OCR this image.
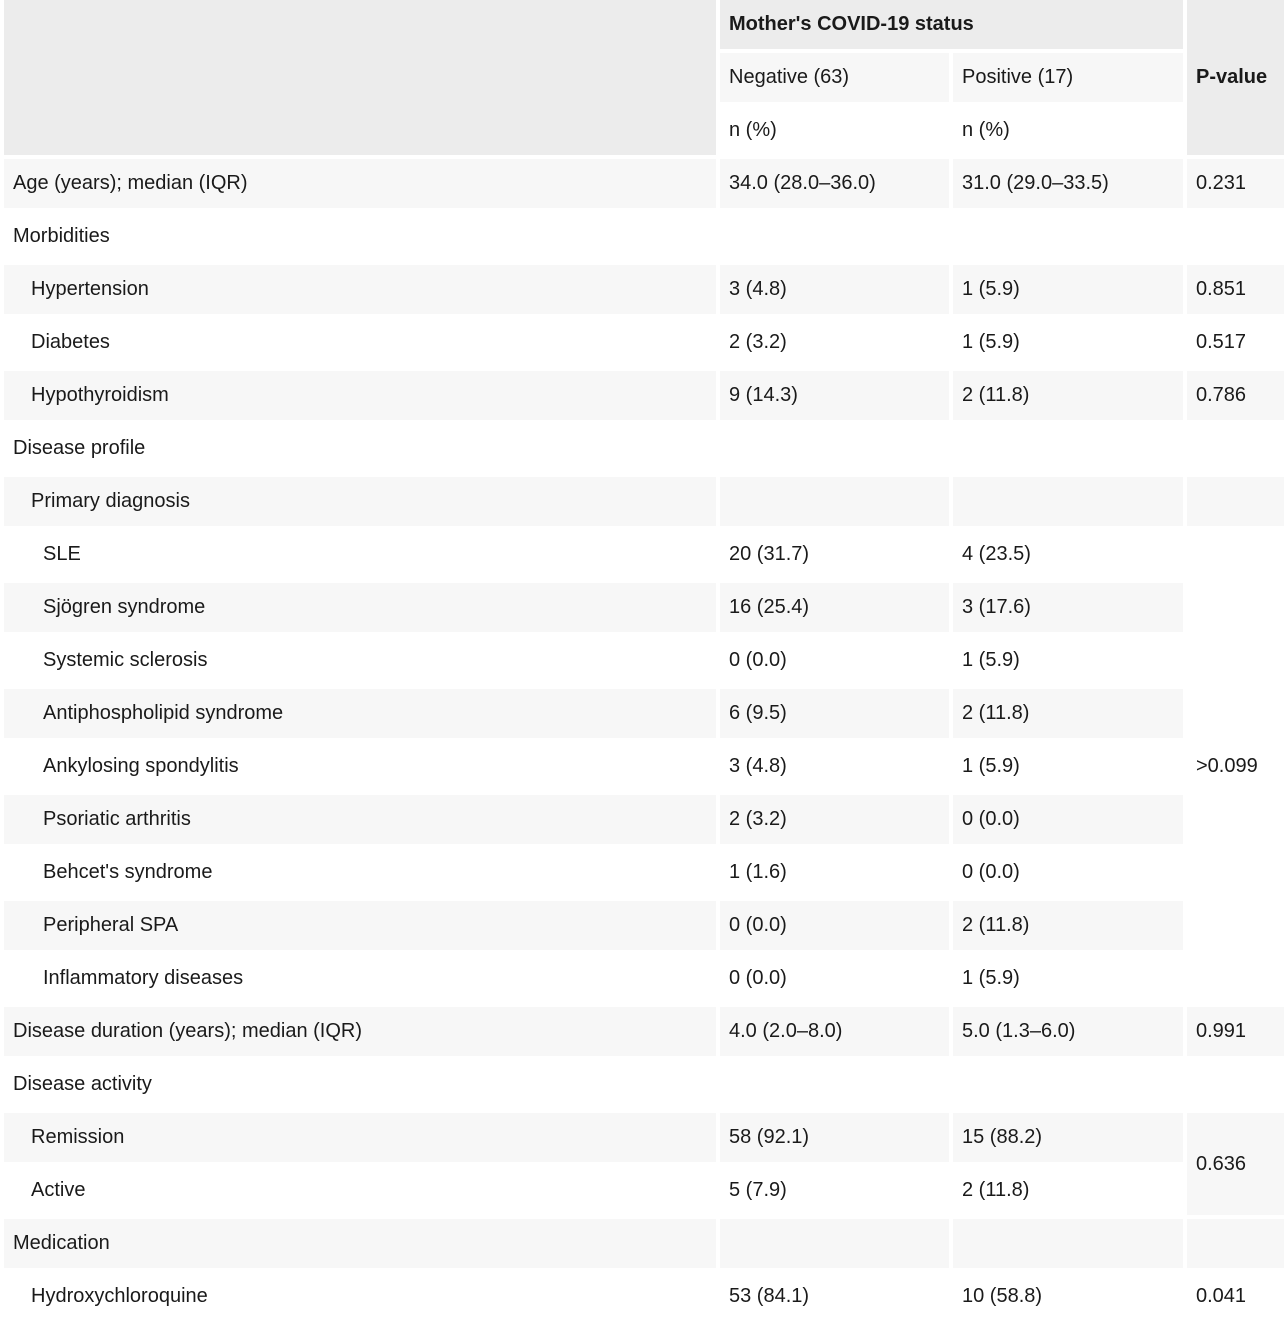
	Mother's COVID-19 status		P-value
	Negative (63)	Positive (17)	
	n (%)	n (%)	
Age (years); median (IQR)	34.0 (28.0–36.0)	31.0 (29.0–33.5)	0.231
Morbidities			
Hypertension	3 (4.8)	1 (5.9)	0.851
Diabetes	2 (3.2)	1 (5.9)	0.517
Hypothyroidism	9 (14.3)	2 (11.8)	0.786
Disease profile			
Primary diagnosis			
SLE	20 (31.7)	4 (23.5)	>0.099
Sjögren syndrome	16 (25.4)	3 (17.6)	
Systemic sclerosis	0 (0.0)	1 (5.9)	
Antiphospholipid syndrome	6 (9.5)	2 (11.8)	
Ankylosing spondylitis	3 (4.8)	1 (5.9)	
Psoriatic arthritis	2 (3.2)	0 (0.0)	
Behcet's syndrome	1 (1.6)	0 (0.0)	
Peripheral SPA	0 (0.0)	2 (11.8)	
Inflammatory diseases	0 (0.0)	1 (5.9)	
Disease duration (years); median (IQR)	4.0 (2.0–8.0)	5.0 (1.3–6.0)	0.991
Disease activity			
Remission	58 (92.1)	15 (88.2)	0.636
Active	5 (7.9)	2 (11.8)	
Medication			
Hydroxychloroquine	53 (84.1)	10 (58.8)	0.041
